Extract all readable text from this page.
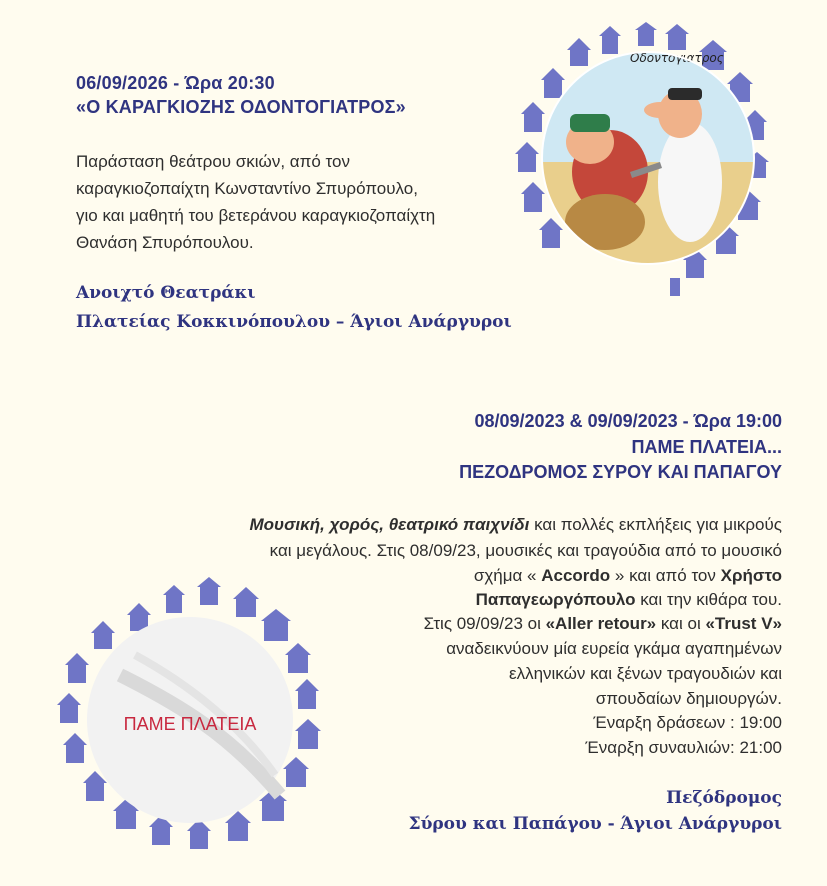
06/09/2026 - Ώρα 20:30
«Ο ΚΑΡΑΓΚΙΟΖΗΣ ΟΔΟΝΤΟΓΙΑΤΡΟΣ»
Παράσταση θεάτρου σκιών, από τον
καραγκιοζοπαίχτη Κωνσταντίνο Σπυρόπουλο,
γιο και μαθητή του βετεράνου καραγκιοζοπαίχτη
Θανάση Σπυρόπουλου.
Ανοιχτό Θεατράκι
Πλατείας Κοκκινόπουλου – Άγιοι Ανάργυροι
Οδοντογιατρος
08/09/2023 & 09/09/2023 - Ώρα 19:00
ΠΑΜΕ ΠΛΑΤΕΙΑ...
ΠΕΖΟΔΡΟΜΟΣ ΣΥΡΟΥ ΚΑΙ ΠΑΠΑΓΟΥ
Μουσική, χορός, θεατρικό παιχνίδι και πολλές εκπλήξεις για μικρούς
και μεγάλους. Στις 08/09/23, μουσικές και τραγούδια από το μουσικό
σχήμα « Accordo » και από τον Χρήστο
Παπαγεωργόπουλο και την κιθάρα του.
Στις 09/09/23 οι «Aller retour» και οι «Trust V»
αναδεικνύουν μία ευρεία γκάμα αγαπημένων
ελληνικών και ξένων τραγουδιών και
σπουδαίων δημιουργών.
Έναρξη δράσεων : 19:00
Έναρξη συναυλιών: 21:00
Πεζόδρομος
Σύρου και Παπάγου - Άγιοι Ανάργυροι
ΠΑΜΕ ΠΛΑΤΕΙΑ
